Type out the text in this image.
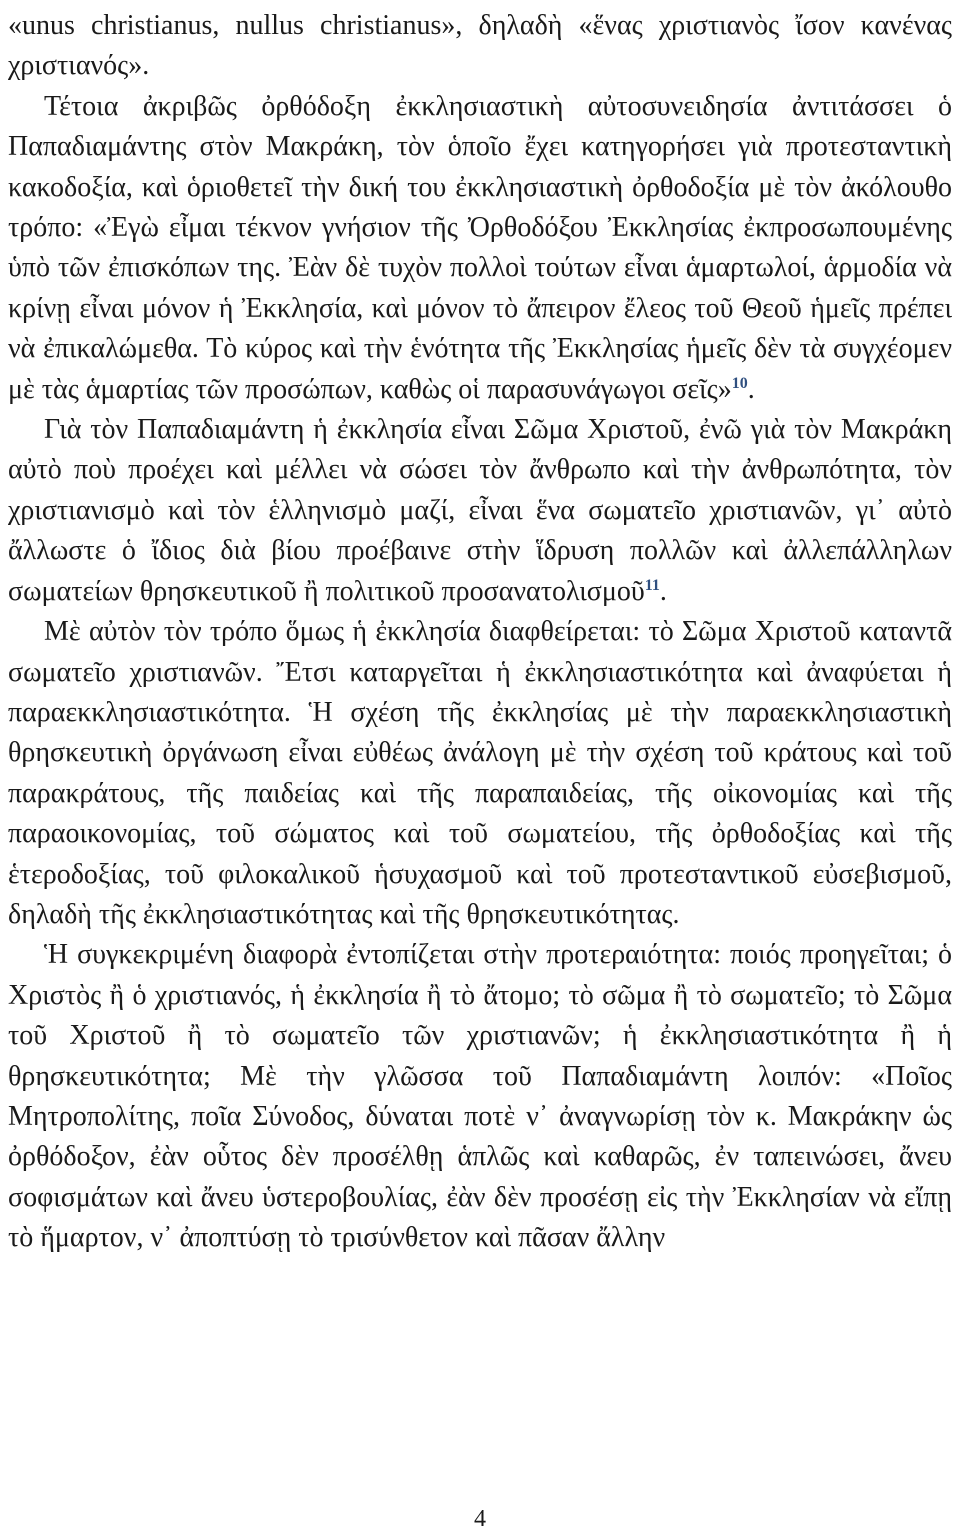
«unus christianus, nullus christianus», δηλαδὴ «ἕνας χριστιανὸς ἴσον κανένας χριστιανός».

Τέτοια ἀκριβῶς ὀρθόδοξη ἐκκλησιαστικὴ αὐτοσυνειδησία ἀντιτάσσει ὁ Παπαδιαμάντης στὸν Μακράκη, τὸν ὁποῖο ἔχει κατηγορήσει γιὰ προτεσταντικὴ κακοδοξία, καὶ ὁριοθετεῖ τὴν δική του ἐκκλησιαστικὴ ὀρθοδοξία μὲ τὸν ἀκόλουθο τρόπο: «Ἐγὼ εἶμαι τέκνον γνήσιον τῆς Ὀρθοδόξου Ἐκκλησίας ἐκπροσωπουμένης ὑπὸ τῶν ἐπισκόπων της. Ἐὰν δὲ τυχὸν πολλοὶ τούτων εἶναι ἁμαρτωλοί, ἁρμοδία νὰ κρίνῃ εἶναι μόνον ἡ Ἐκκλησία, καὶ μόνον τὸ ἄπειρον ἔλεος τοῦ Θεοῦ ἡμεῖς πρέπει νὰ ἐπικαλώμεθα. Τὸ κύρος καὶ τὴν ἑνότητα τῆς Ἐκκλησίας ἡμεῖς δὲν τὰ συγχέομεν μὲ τὰς ἁμαρτίας τῶν προσώπων, καθὼς οἱ παρασυνάγωγοι σεῖς»$^{10}$.

Γιὰ τὸν Παπαδιαμάντη ἡ ἐκκλησία εἶναι Σῶμα Χριστοῦ, ἐνῶ γιὰ τὸν Μακράκη αὐτὸ ποὺ προέχει καὶ μέλλει νὰ σώσει τὸν ἄνθρωπο καὶ τὴν ἀνθρωπότητα, τὸν χριστιανισμὸ καὶ τὸν ἑλληνισμὸ μαζί, εἶναι ἕνα σωματεῖο χριστιανῶν, γι᾽ αὐτὸ ἄλλωστε ὁ ἴδιος διὰ βίου προέβαινε στὴν ἵδρυση πολλῶν καὶ ἀλλεπάλληλων σωματείων θρησκευτικοῦ ἢ πολιτικοῦ προσανατολισμοῦ$^{11}$.

Μὲ αὐτὸν τὸν τρόπο ὅμως ἡ ἐκκλησία διαφθείρεται: τὸ Σῶμα Χριστοῦ καταντᾶ σωματεῖο χριστιανῶν. Ἔτσι καταργεῖται ἡ ἐκκλησιαστικότητα καὶ ἀναφύεται ἡ παραεκκλησιαστικότητα. Ἡ σχέση τῆς ἐκκλησίας μὲ τὴν παραεκκλησιαστικὴ θρησκευτικὴ ὀργάνωση εἶναι εὐθέως ἀνάλογη μὲ τὴν σχέση τοῦ κράτους καὶ τοῦ παρακράτους, τῆς παιδείας καὶ τῆς παραπαιδείας, τῆς οἰκονομίας καὶ τῆς παραοικονομίας, τοῦ σώματος καὶ τοῦ σωματείου, τῆς ὀρθοδοξίας καὶ τῆς ἑτεροδοξίας, τοῦ φιλοκαλικοῦ ἡσυχασμοῦ καὶ τοῦ προτεσταντικοῦ εὐσεβισμοῦ, δηλαδὴ τῆς ἐκκλησιαστικότητας καὶ τῆς θρησκευτικότητας.

Ἡ συγκεκριμένη διαφορὰ ἐντοπίζεται στὴν προτεραιότητα: ποιός προηγεῖται; ὁ Χριστὸς ἢ ὁ χριστιανός, ἡ ἐκκλησία ἢ τὸ ἄτομο; τὸ σῶμα ἢ τὸ σωματεῖο; τὸ Σῶμα τοῦ Χριστοῦ ἢ τὸ σωματεῖο τῶν χριστιανῶν; ἡ ἐκκλησιαστικότητα ἢ ἡ θρησκευτικότητα; Μὲ τὴν γλῶσσα τοῦ Παπαδιαμάντη λοιπόν: «Ποῖος Μητροπολίτης, ποῖα Σύνοδος, δύναται ποτὲ ν᾽ ἀναγνωρίσῃ τὸν κ. Μακράκην ὡς ὀρθόδοξον, ἐὰν οὗτος δὲν προσέλθῃ ἁπλῶς καὶ καθαρῶς, ἐν ταπεινώσει, ἄνευ σοφισμάτων καὶ ἄνευ ὑστεροβουλίας, ἐὰν δὲν προσέσῃ εἰς τὴν Ἐκκλησίαν νὰ εἴπῃ τὸ ἥμαρτον, ν᾽ ἀποπτύσῃ τὸ τρισύνθετον καὶ πᾶσαν ἄλλην

4
